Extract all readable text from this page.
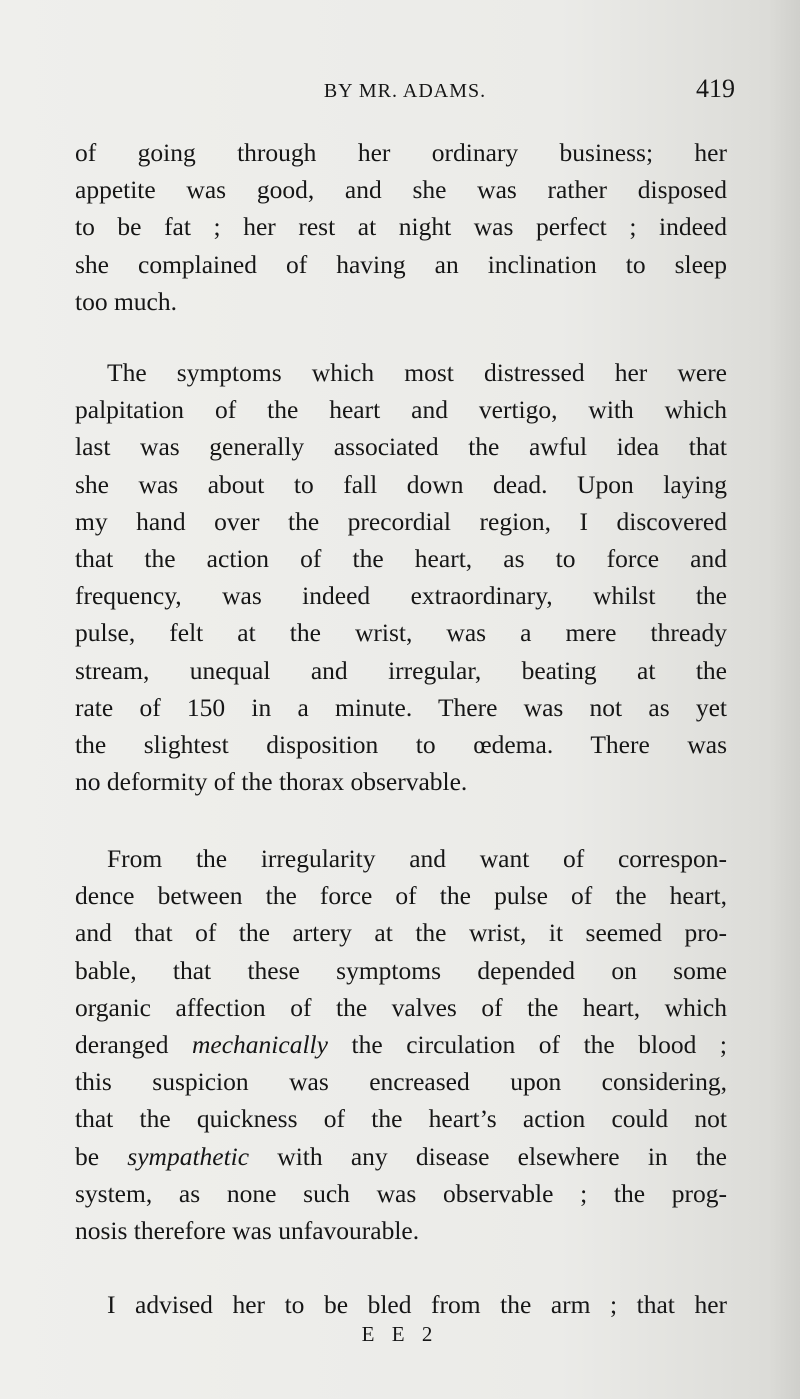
BY MR. ADAMS.	419
of going through her ordinary business; her
appetite was good, and she was rather disposed
to be fat ; her rest at night was perfect ; indeed
she complained of having an inclination to sleep
too much.
The symptoms which most distressed her were
palpitation of the heart and vertigo, with which
last was generally associated the awful idea that
she was about to fall down dead. Upon laying
my hand over the precordial region, I discovered
that the action of the heart, as to force and
frequency, was indeed extraordinary, whilst the
pulse, felt at the wrist, was a mere thready
stream, unequal and irregular, beating at the
rate of 150 in a minute. There was not as yet
the slightest disposition to œdema. There was
no deformity of the thorax observable.
From the irregularity and want of correspon-
dence between the force of the pulse of the heart,
and that of the artery at the wrist, it seemed pro-
bable, that these symptoms depended on some
organic affection of the valves of the heart, which
deranged mechanically the circulation of the blood ;
this suspicion was encreased upon considering,
that the quickness of the heart’s action could not
be sympathetic with any disease elsewhere in the
system, as none such was observable ; the prog-
nosis therefore was unfavourable.
I advised her to be bled from the arm ; that her
E E 2
